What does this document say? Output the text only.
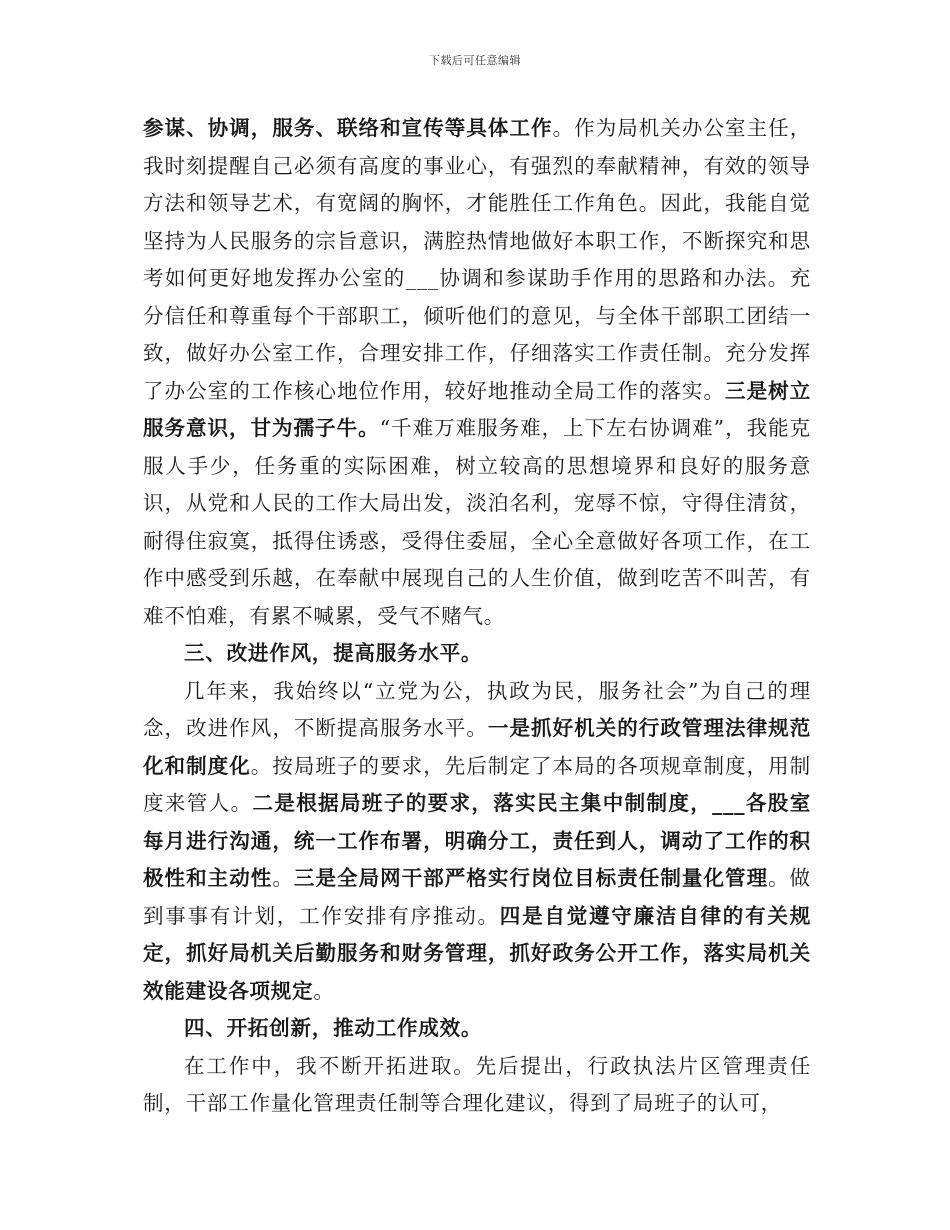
下载后可任意编辑

参谋、协调，服务、联络和宣传等具体工作。作为局机关办公室主任，我时刻提醒自己必须有高度的事业心，有强烈的奉献精神，有效的领导方法和领导艺术，有宽阔的胸怀，才能胜任工作角色。因此，我能自觉坚持为人民服务的宗旨意识，满腔热情地做好本职工作，不断探究和思考如何更好地发挥办公室的___协调和参谋助手作用的思路和办法。充分信任和尊重每个干部职工，倾听他们的意见，与全体干部职工团结一致，做好办公室工作，合理安排工作，仔细落实工作责任制。充分发挥了办公室的工作核心地位作用，较好地推动全局工作的落实。三是树立服务意识，甘为孺子牛。“千难万难服务难，上下左右协调难”，我能克服人手少，任务重的实际困难，树立较高的思想境界和良好的服务意识，从党和人民的工作大局出发，淡泊名利，宠辱不惊，守得住清贫，耐得住寂寞，抵得住诱惑，受得住委屈，全心全意做好各项工作，在工作中感受到乐越，在奉献中展现自己的人生价值，做到吃苦不叫苦，有难不怕难，有累不喊累，受气不赌气。

三、改进作风，提高服务水平。

几年来，我始终以“立党为公，执政为民，服务社会”为自己的理念，改进作风，不断提高服务水平。一是抓好机关的行政管理法律规范化和制度化。按局班子的要求，先后制定了本局的各项规章制度，用制度来管人。二是根据局班子的要求，落实民主集中制制度，___各股室每月进行沟通，统一工作布署，明确分工，责任到人，调动了工作的积极性和主动性。三是全局网干部严格实行岗位目标责任制量化管理。做到事事有计划，工作安排有序推动。四是自觉遵守廉洁自律的有关规定，抓好局机关后勤服务和财务管理，抓好政务公开工作，落实局机关效能建设各项规定。

四、开拓创新，推动工作成效。

在工作中，我不断开拓进取。先后提出，行政执法片区管理责任制，干部工作量化管理责任制等合理化建议，得到了局班子的认可，
